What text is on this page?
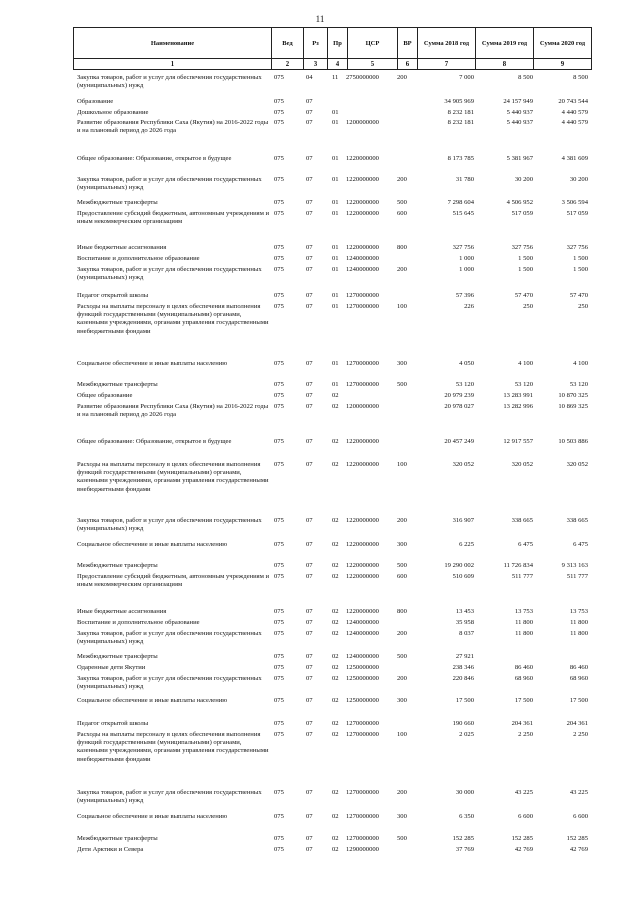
11
Наименование	Вед	Рз	Пр	ЦСР	ВР	Сумма 2018 год	Сумма 2019 год	Сумма 2020 год
1	2	3	4	5	6	7	8	9
Закупка товаров, работ и услуг для обеспечения государственных (муниципальных) нужд
075	04	11 2750000000	200	7 000	8 500	8 500
Образование	075	07	34 905 969	24 157 949	20 743 544
Дошкольное образование	075	07	01	8 232 181	5 440 937	4 440 579
Развитие образования Республики Саха (Якутия) на 2016-2022 годы и на плановый период до 2026 года
075	07	01 1200000000	8 232 181	5 440 937	4 440 579
Общее образование: Образование, открытое в будущее	075	07	01 1220000000	8 173 785	5 381 967	4 381 609
Закупка товаров, работ и услуг для обеспечения государственных (муниципальных) нужд
075	07	01 1220000000	200	31 780	30 200	30 200
Межбюджетные трансферты	075	07	01 1220000000	500	7 298 604	4 506 952	3 506 594
Предоставление субсидий бюджетным, автономным учреждениям и иным некоммерческим организациям
075	07	01 1220000000	600	515 645	517 059	517 059
Иные бюджетные ассигнования	075	07	01 1220000000	800	327 756	327 756	327 756
Воспитание и дополнительное образование	075	07	01 1240000000	1 000	1 500	1 500
Закупка товаров, работ и услуг для обеспечения государственных (муниципальных) нужд
075	07	01 1240000000	200	1 000	1 500	1 500
Педагог открытой школы	075	07	01 1270000000	57 396	57 470	57 470
Расходы на выплаты персоналу в целях обеспечения выполнения функций государственными (муниципальными) органами, казенными учреждениями, органами управления государственными внебюджетными фондами
075	07	01 1270000000	100	226	250	250
Социальное обеспечение и иные выплаты населению	075	07	01 1270000000	300	4 050	4 100	4 100
Межбюджетные трансферты	075	07	01 1270000000	500	53 120	53 120	53 120
Общее образование	075	07	02	20 979 239	13 283 991	10 870 325
Развитие образования Республики Саха (Якутия) на 2016-2022 годы и на плановый период до 2026 года
075	07	02 1200000000	20 978 027	13 282 996	10 869 325
Общее образование: Образование, открытое в будущее	075	07	02 1220000000	20 457 249	12 917 557	10 503 886
Расходы на выплаты персоналу в целях обеспечения выполнения функций государственными (муниципальными) органами, казенными учреждениями, органами управления государственными внебюджетными фондами
075	07	02 1220000000	100	320 052	320 052	320 052
Закупка товаров, работ и услуг для обеспечения государственных (муниципальных) нужд
075	07	02 1220000000	200	316 907	338 665	338 665
Социальное обеспечение и иные выплаты населению	075	07	02 1220000000	300	6 225	6 475	6 475
Межбюджетные трансферты	075	07	02 1220000000	500	19 290 002	11 726 834	9 313 163
Предоставление субсидий бюджетным, автономным учреждениям и иным некоммерческим организациям
075	07	02 1220000000	600	510 609	511 777	511 777
Иные бюджетные ассигнования	075	07	02 1220000000	800	13 453	13 753	13 753
Воспитание и дополнительное образование	075	07	02 1240000000	35 958	11 800	11 800
Закупка товаров, работ и услуг для обеспечения государственных (муниципальных) нужд
075	07	02 1240000000	200	8 037	11 800	11 800
Межбюджетные трансферты	075	07	02 1240000000	500	27 921
Одаренные дети Якутии	075	07	02 1250000000	238 346	86 460	86 460
Закупка товаров, работ и услуг для обеспечения государственных (муниципальных) нужд
075	07	02 1250000000	200	220 846	68 960	68 960
Социальное обеспечение и иные выплаты населению	075	07	02 1250000000	300	17 500	17 500	17 500
Педагог открытой школы	075	07	02 1270000000	190 660	204 361	204 361
Расходы на выплаты персоналу в целях обеспечения выполнения функций государственными (муниципальными) органами, казенными учреждениями, органами управления государственными внебюджетными фондами
075	07	02 1270000000	100	2 025	2 250	2 250
Закупка товаров, работ и услуг для обеспечения государственных (муниципальных) нужд
075	07	02 1270000000	200	30 000	43 225	43 225
Социальное обеспечение и иные выплаты населению	075	07	02 1270000000	300	6 350	6 600	6 600
Межбюджетные трансферты	075	07	02 1270000000	500	152 285	152 285	152 285
Дети Арктики и Севера	075	07	02 1290000000	37 769	42 769	42 769
